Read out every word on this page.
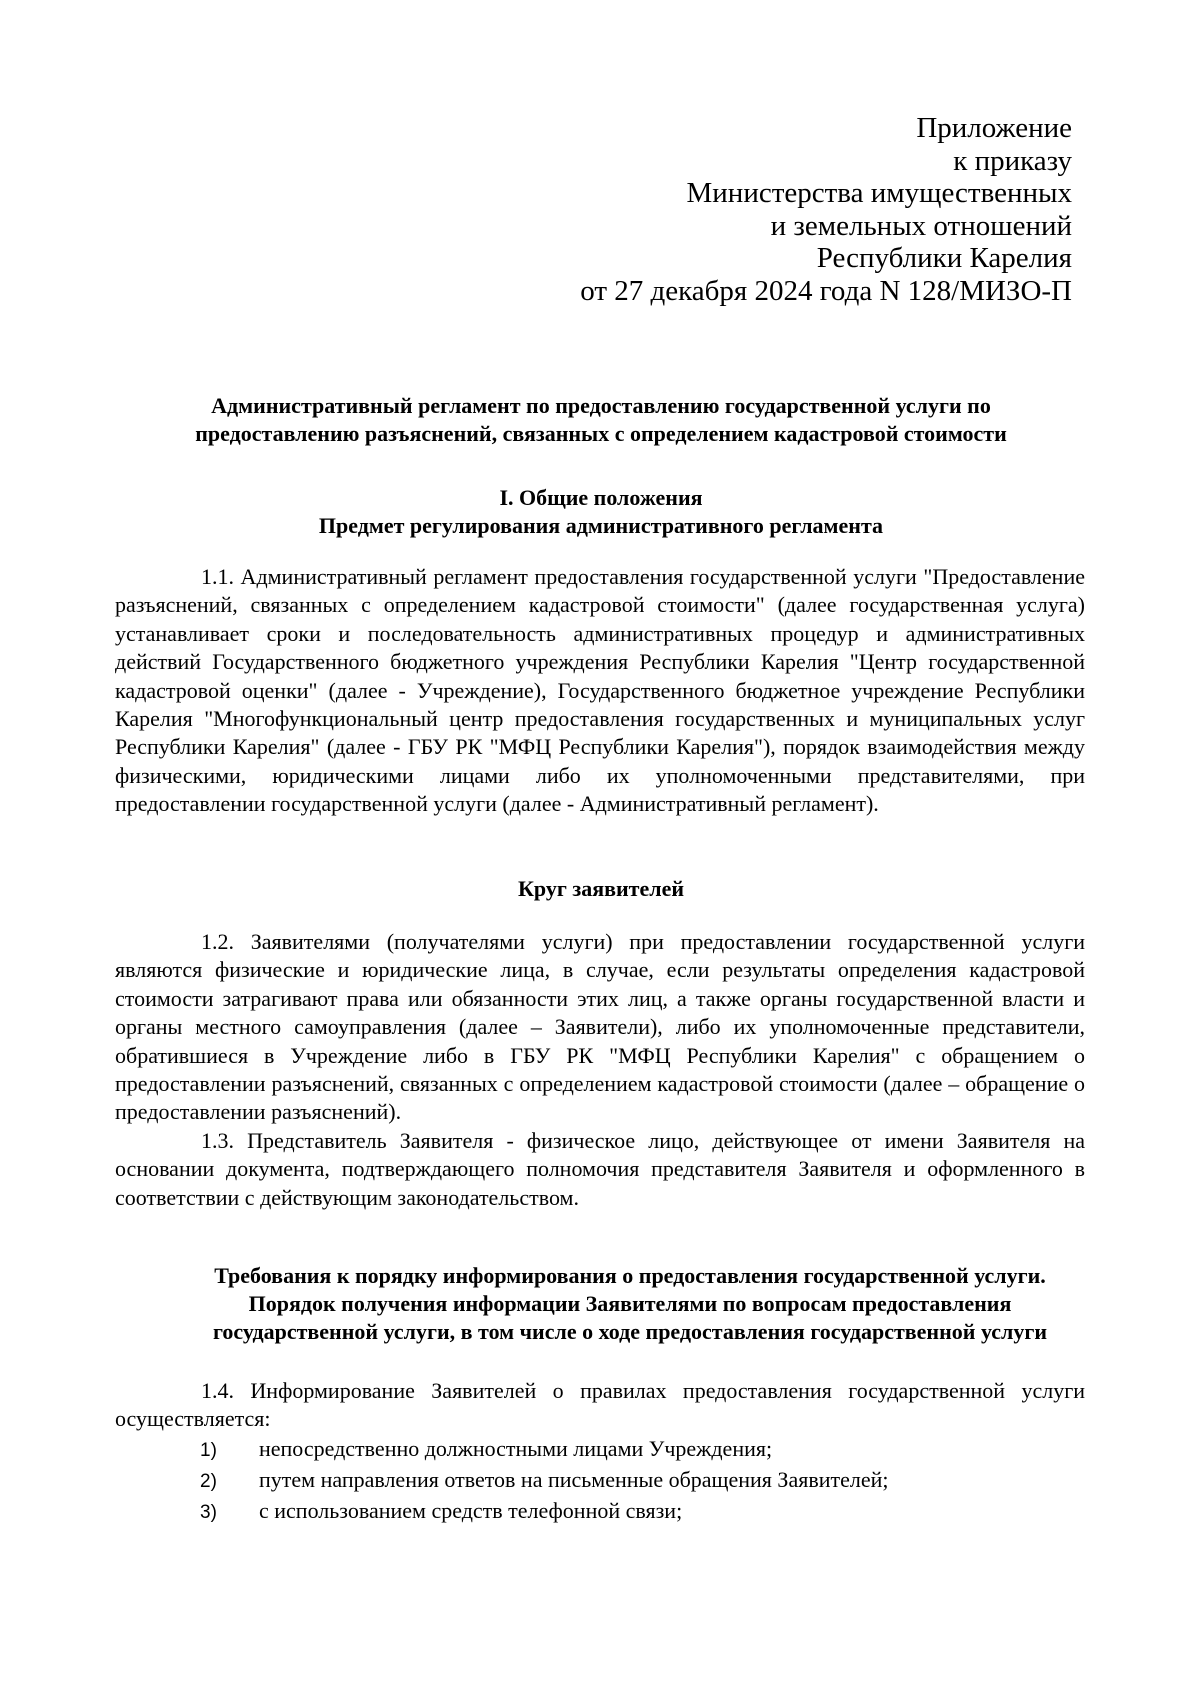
Приложение
к приказу
Министерства имущественных
и земельных отношений
Республики Карелия
от 27 декабря 2024 года N 128/МИЗО-П
Административный регламент по предоставлению государственной услуги по
предоставлению разъяснений, связанных с определением кадастровой стоимости
I. Общие положения
Предмет регулирования административного регламента

1.1. Административный регламент предоставления государственной услуги "Предоставление разъяснений, связанных с определением кадастровой стоимости" (далее государственная услуга) устанавливает сроки и последовательность административных процедур и административных действий Государственного бюджетного учреждения Республики Карелия "Центр государственной кадастровой оценки" (далее - Учреждение), Государственного бюджетное учреждение Республики Карелия "Многофункциональный центр предоставления государственных и муниципальных услуг Республики Карелия" (далее - ГБУ РК "МФЦ Республики Карелия"), порядок взаимодействия между физическими, юридическими лицами либо их уполномоченными представителями, при предоставлении государственной услуги (далее - Административный регламент).

Круг заявителей

1.2. Заявителями (получателями услуги) при предоставлении государственной услуги являются физические и юридические лица, в случае, если результаты определения кадастровой стоимости затрагивают права или обязанности этих лиц, а также органы государственной власти и органы местного самоуправления (далее – Заявители), либо их уполномоченные представители, обратившиеся в Учреждение либо в ГБУ РК "МФЦ Республики Карелия" с обращением о предоставлении разъяснений, связанных с определением кадастровой стоимости (далее – обращение о предоставлении разъяснений).

1.3. Представитель Заявителя - физическое лицо, действующее от имени Заявителя на основании документа, подтверждающего полномочия представителя Заявителя и оформленного в соответствии с действующим законодательством.

Требования к порядку информирования о предоставления государственной услуги.
Порядок получения информации Заявителями по вопросам предоставления
государственной услуги, в том числе о ходе предоставления государственной услуги

1.4. Информирование Заявителей о правилах предоставления государственной услуги осуществляется:

1)	непосредственно должностными лицами Учреждения;
2)	путем направления ответов на письменные обращения Заявителей;
3)	с использованием средств телефонной связи;
